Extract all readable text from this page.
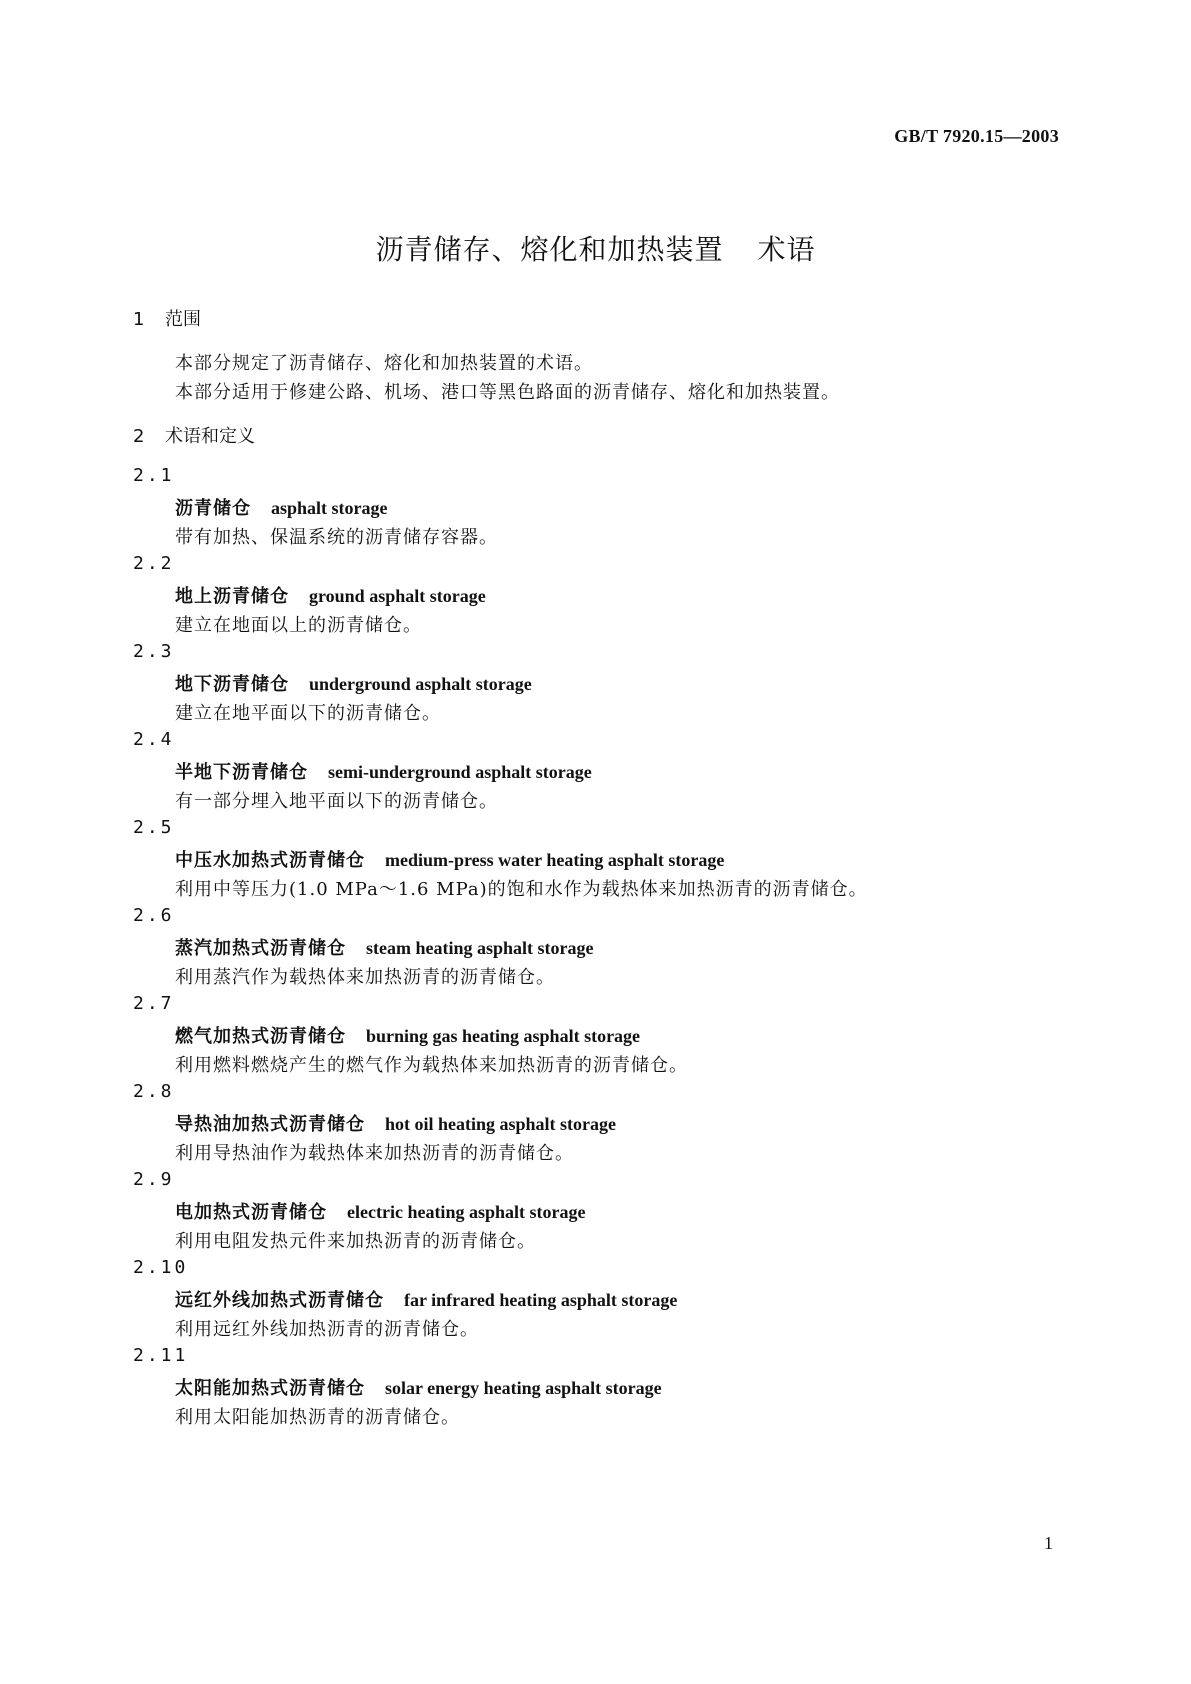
GB/T 7920.15—2003
沥青储存、熔化和加热装置 术语
1 范围
本部分规定了沥青储存、熔化和加热装置的术语。
本部分适用于修建公路、机场、港口等黑色路面的沥青储存、熔化和加热装置。
2 术语和定义
2.1
沥青储仓 asphalt storage
带有加热、保温系统的沥青储存容器。
2.2
地上沥青储仓 ground asphalt storage
建立在地面以上的沥青储仓。
2.3
地下沥青储仓 underground asphalt storage
建立在地平面以下的沥青储仓。
2.4
半地下沥青储仓 semi-underground asphalt storage
有一部分埋入地平面以下的沥青储仓。
2.5
中压水加热式沥青储仓 medium-press water heating asphalt storage
利用中等压力(1.0 MPa～1.6 MPa)的饱和水作为载热体来加热沥青的沥青储仓。
2.6
蒸汽加热式沥青储仓 steam heating asphalt storage
利用蒸汽作为载热体来加热沥青的沥青储仓。
2.7
燃气加热式沥青储仓 burning gas heating asphalt storage
利用燃料燃烧产生的燃气作为载热体来加热沥青的沥青储仓。
2.8
导热油加热式沥青储仓 hot oil heating asphalt storage
利用导热油作为载热体来加热沥青的沥青储仓。
2.9
电加热式沥青储仓 electric heating asphalt storage
利用电阻发热元件来加热沥青的沥青储仓。
2.10
远红外线加热式沥青储仓 far infrared heating asphalt storage
利用远红外线加热沥青的沥青储仓。
2.11
太阳能加热式沥青储仓 solar energy heating asphalt storage
利用太阳能加热沥青的沥青储仓。
1
